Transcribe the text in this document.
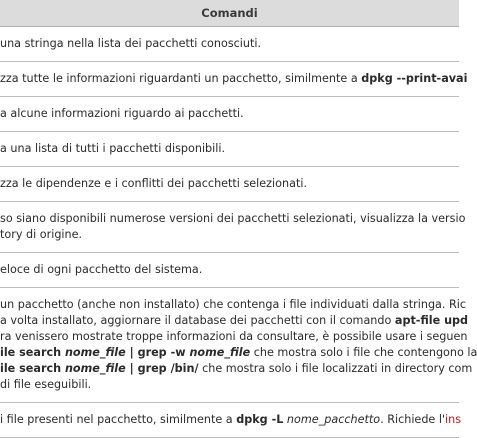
Comandi
una stringa nella lista dei pacchetti conosciuti.
zza tutte le informazioni riguardanti un pacchetto, similmente a dpkg --print-avai
a alcune informazioni riguardo ai pacchetti.
a una lista di tutti i pacchetti disponibili.
zza le dipendenze e i conflitti dei pacchetti selezionati.
so siano disponibili numerose versioni dei pacchetti selezionati, visualizza la versio
tory di origine.
eloce di ogni pacchetto del sistema.
un pacchetto (anche non installato) che contenga i file individuati dalla stringa. Ric
a volta installato, aggiornare il database dei pacchetti con il comando apt-file upd
ra venissero mostrate troppe informazioni da consultare, è possibile usare i seguen
ile search nome_file | grep -w nome_file che mostra solo i file che contengono la
ile search nome_file | grep /bin/ che mostra solo i file localizzati in directory com
di file eseguibili.
i file presenti nel pacchetto, similmente a dpkg -L nome_pacchetto. Richiede l'ins
